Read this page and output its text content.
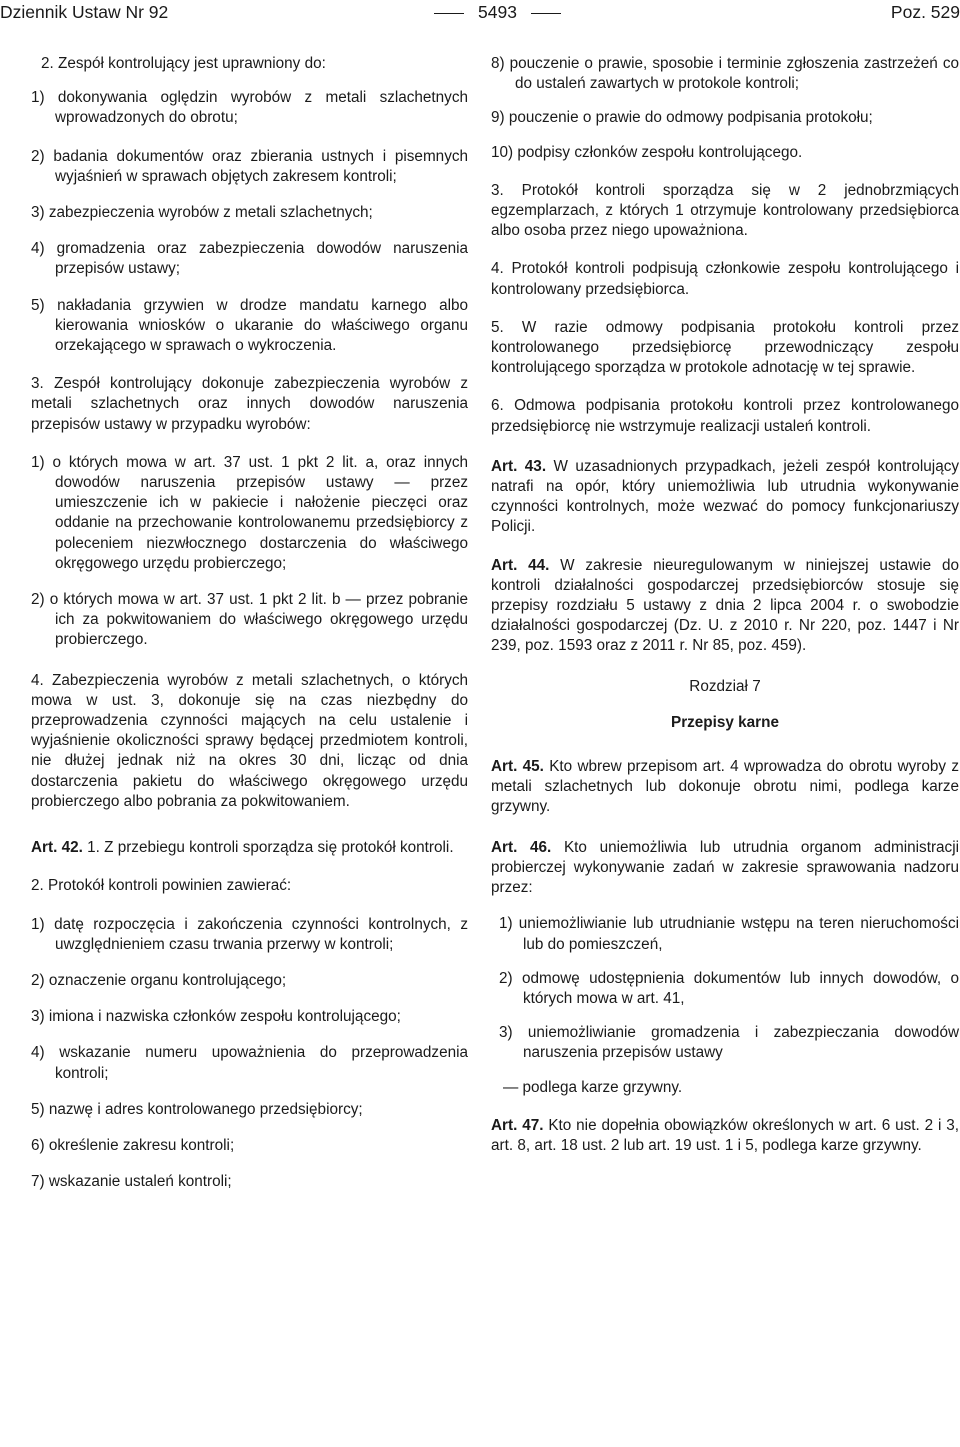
Dziennik Ustaw Nr 92	5493	Poz. 529

2. Zespół kontrolujący jest uprawniony do:

1) dokonywania oględzin wyrobów z metali szlachetnych wprowadzonych do obrotu;

2) badania dokumentów oraz zbierania ustnych i pisemnych wyjaśnień w sprawach objętych zakresem kontroli;

3) zabezpieczenia wyrobów z metali szlachetnych;

4) gromadzenia oraz zabezpieczenia dowodów naruszenia przepisów ustawy;

5) nakładania grzywien w drodze mandatu karnego albo kierowania wniosków o ukaranie do właściwego organu orzekającego w sprawach o wykroczenia.

3. Zespół kontrolujący dokonuje zabezpieczenia wyrobów z metali szlachetnych oraz innych dowodów naruszenia przepisów ustawy w przypadku wyrobów:

1) o których mowa w art. 37 ust. 1 pkt 2 lit. a, oraz innych dowodów naruszenia przepisów ustawy — przez umieszczenie ich w pakiecie i nałożenie pieczęci oraz oddanie na przechowanie kontrolowanemu przedsiębiorcy z poleceniem niezwłocznego dostarczenia do właściwego okręgowego urzędu probierczego;

2) o których mowa w art. 37 ust. 1 pkt 2 lit. b — przez pobranie ich za pokwitowaniem do właściwego okręgowego urzędu probierczego.

4. Zabezpieczenia wyrobów z metali szlachetnych, o których mowa w ust. 3, dokonuje się na czas niezbędny do przeprowadzenia czynności mających na celu ustalenie i wyjaśnienie okoliczności sprawy będącej przedmiotem kontroli, nie dłużej jednak niż na okres 30 dni, licząc od dnia dostarczenia pakietu do właściwego okręgowego urzędu probierczego albo pobrania za pokwitowaniem.

Art. 42. 1. Z przebiegu kontroli sporządza się protokół kontroli.

2. Protokół kontroli powinien zawierać:

1) datę rozpoczęcia i zakończenia czynności kontrolnych, z uwzględnieniem czasu trwania przerwy w kontroli;

2) oznaczenie organu kontrolującego;

3) imiona i nazwiska członków zespołu kontrolującego;

4) wskazanie numeru upoważnienia do przeprowadzenia kontroli;

5) nazwę i adres kontrolowanego przedsiębiorcy;

6) określenie zakresu kontroli;

7) wskazanie ustaleń kontroli;

8) pouczenie o prawie, sposobie i terminie zgłoszenia zastrzeżeń co do ustaleń zawartych w protokole kontroli;

9) pouczenie o prawie do odmowy podpisania protokołu;

10) podpisy członków zespołu kontrolującego.

3. Protokół kontroli sporządza się w 2 jednobrzmiących egzemplarzach, z których 1 otrzymuje kontrolowany przedsiębiorca albo osoba przez niego upoważniona.

4. Protokół kontroli podpisują członkowie zespołu kontrolującego i kontrolowany przedsiębiorca.

5. W razie odmowy podpisania protokołu kontroli przez kontrolowanego przedsiębiorcę przewodniczący zespołu kontrolującego sporządza w protokole adnotację w tej sprawie.

6. Odmowa podpisania protokołu kontroli przez kontrolowanego przedsiębiorcę nie wstrzymuje realizacji ustaleń kontroli.

Art. 43. W uzasadnionych przypadkach, jeżeli zespół kontrolujący natrafi na opór, który uniemożliwia lub utrudnia wykonywanie czynności kontrolnych, może wezwać do pomocy funkcjonariuszy Policji.

Art. 44. W zakresie nieuregulowanym w niniejszej ustawie do kontroli działalności gospodarczej przedsiębiorców stosuje się przepisy rozdziału 5 ustawy z dnia 2 lipca 2004 r. o swobodzie działalności gospodarczej (Dz. U. z 2010 r. Nr 220, poz. 1447 i Nr 239, poz. 1593 oraz z 2011 r. Nr 85, poz. 459).

Rozdział 7

Przepisy karne

Art. 45. Kto wbrew przepisom art. 4 wprowadza do obrotu wyroby z metali szlachetnych lub dokonuje obrotu nimi, podlega karze grzywny.

Art. 46. Kto uniemożliwia lub utrudnia organom administracji probierczej wykonywanie zadań w zakresie sprawowania nadzoru przez:

1) uniemożliwianie lub utrudnianie wstępu na teren nieruchomości lub do pomieszczeń,

2) odmowę udostępnienia dokumentów lub innych dowodów, o których mowa w art. 41,

3) uniemożliwianie gromadzenia i zabezpieczania dowodów naruszenia przepisów ustawy

— podlega karze grzywny.

Art. 47. Kto nie dopełnia obowiązków określonych w art. 6 ust. 2 i 3, art. 8, art. 18 ust. 2 lub art. 19 ust. 1 i 5, podlega karze grzywny.
